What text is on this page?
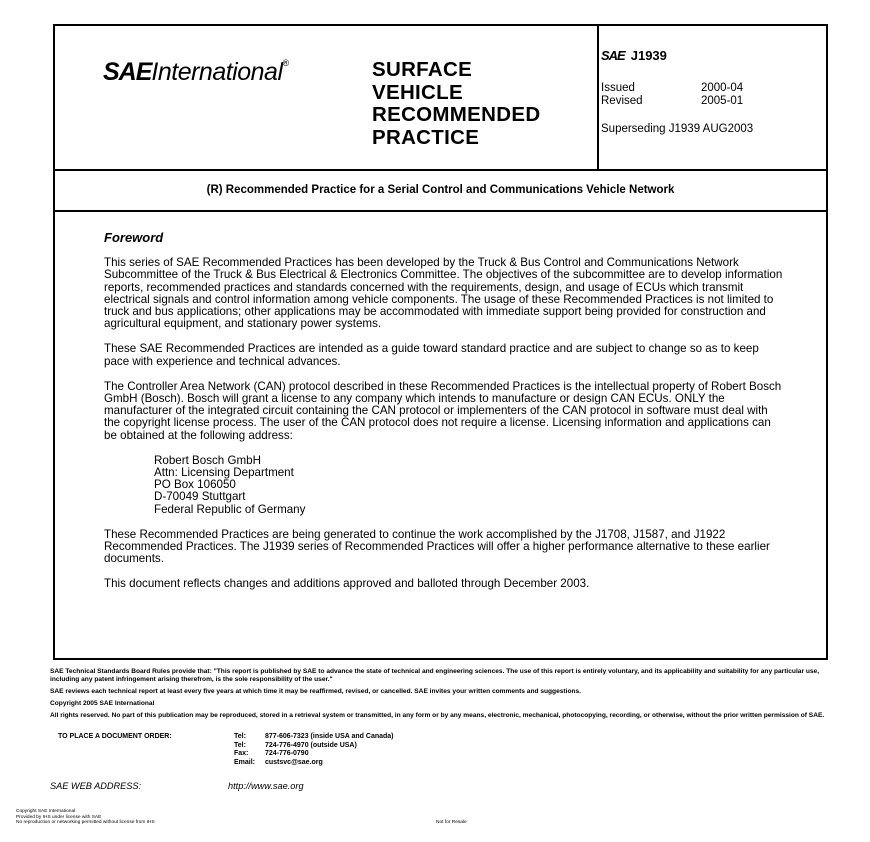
SAEInternational®	SURFACE
VEHICLE
RECOMMENDED
PRACTICE
SAE J1939
Issued	2000-04
Revised	2005-01
Superseding J1939 AUG2003
(R) Recommended Practice for a Serial Control and Communications Vehicle Network
Foreword

This series of SAE Recommended Practices has been developed by the Truck & Bus Control and Communications Network Subcommittee of the Truck & Bus Electrical & Electronics Committee. The objectives of the subcommittee are to develop information reports, recommended practices and standards concerned with the requirements, design, and usage of ECUs which transmit electrical signals and control information among vehicle components. The usage of these Recommended Practices is not limited to truck and bus applications; other applications may be accommodated with immediate support being provided for construction and agricultural equipment, and stationary power systems.

These SAE Recommended Practices are intended as a guide toward standard practice and are subject to change so as to keep pace with experience and technical advances.

The Controller Area Network (CAN) protocol described in these Recommended Practices is the intellectual property of Robert Bosch GmbH (Bosch). Bosch will grant a license to any company which intends to manufacture or design CAN ECUs. ONLY the manufacturer of the integrated circuit containing the CAN protocol or implementers of the CAN protocol in software must deal with the copyright license process. The user of the CAN protocol does not require a license. Licensing information and applications can be obtained at the following address:

Robert Bosch GmbH
Attn: Licensing Department
PO Box 106050
D-70049 Stuttgart
Federal Republic of Germany

These Recommended Practices are being generated to continue the work accomplished by the J1708, J1587, and J1922 Recommended Practices. The J1939 series of Recommended Practices will offer a higher performance alternative to these earlier documents.

This document reflects changes and additions approved and balloted through December 2003.

SAE Technical Standards Board Rules provide that: "This report is published by SAE to advance the state of technical and engineering sciences. The use of this report is entirely voluntary, and its applicability and suitability for any particular use, including any patent infringement arising therefrom, is the sole responsibility of the user."

SAE reviews each technical report at least every five years at which time it may be reaffirmed, revised, or cancelled. SAE invites your written comments and suggestions.

Copyright 2005 SAE International

All rights reserved. No part of this publication may be reproduced, stored in a retrieval system or transmitted, in any form or by any means, electronic, mechanical, photocopying, recording, or otherwise, without the prior written permission of SAE.

TO PLACE A DOCUMENT ORDER:	Tel:	877-606-7323 (inside USA and Canada)
Tel:	724-776-4970 (outside USA)
Fax:	724-776-0790
Email:	custsvc@sae.org
SAE WEB ADDRESS:	http://www.sae.org
Copyright SAE International
Provided by IHS under license with SAE
No reproduction or networking permitted without license from IHS	Not for Resale
